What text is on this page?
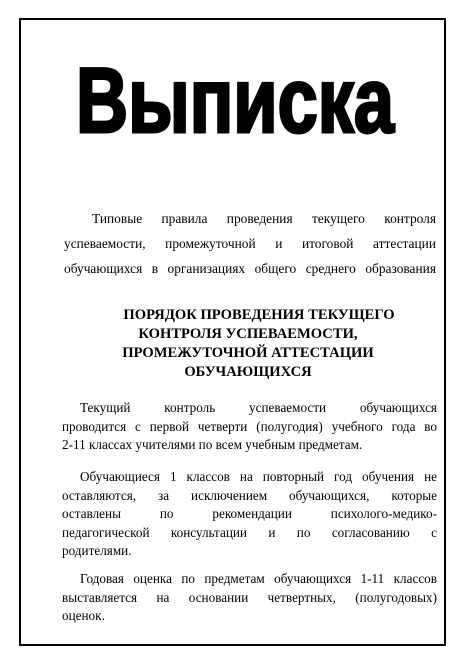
Выписка

Типовые правила проведения текущего контроля
успеваемости, промежуточной и итоговой аттестации
обучающихся в организациях общего среднего образования

ПОРЯДОК ПРОВЕДЕНИЯ ТЕКУЩЕГО
КОНТРОЛЯ УСПЕВАЕМОСТИ,
ПРОМЕЖУТОЧНОЙ АТТЕСТАЦИИ
ОБУЧАЮЩИХСЯ

Текущий контроль успеваемости обучающихся
проводится с первой четверти (полугодия) учебного года во
2-11 классах учителями по всем учебным предметам.

Обучающиеся 1 классов на повторный год обучения не
оставляются, за исключением обучающихся, которые
оставлены по рекомендации психолого-медико-
педагогической консультации и по согласованию с
родителями.

Годовая оценка по предметам обучающихся 1-11 классов
выставляется на основании четвертных, (полугодовых)
оценок.
